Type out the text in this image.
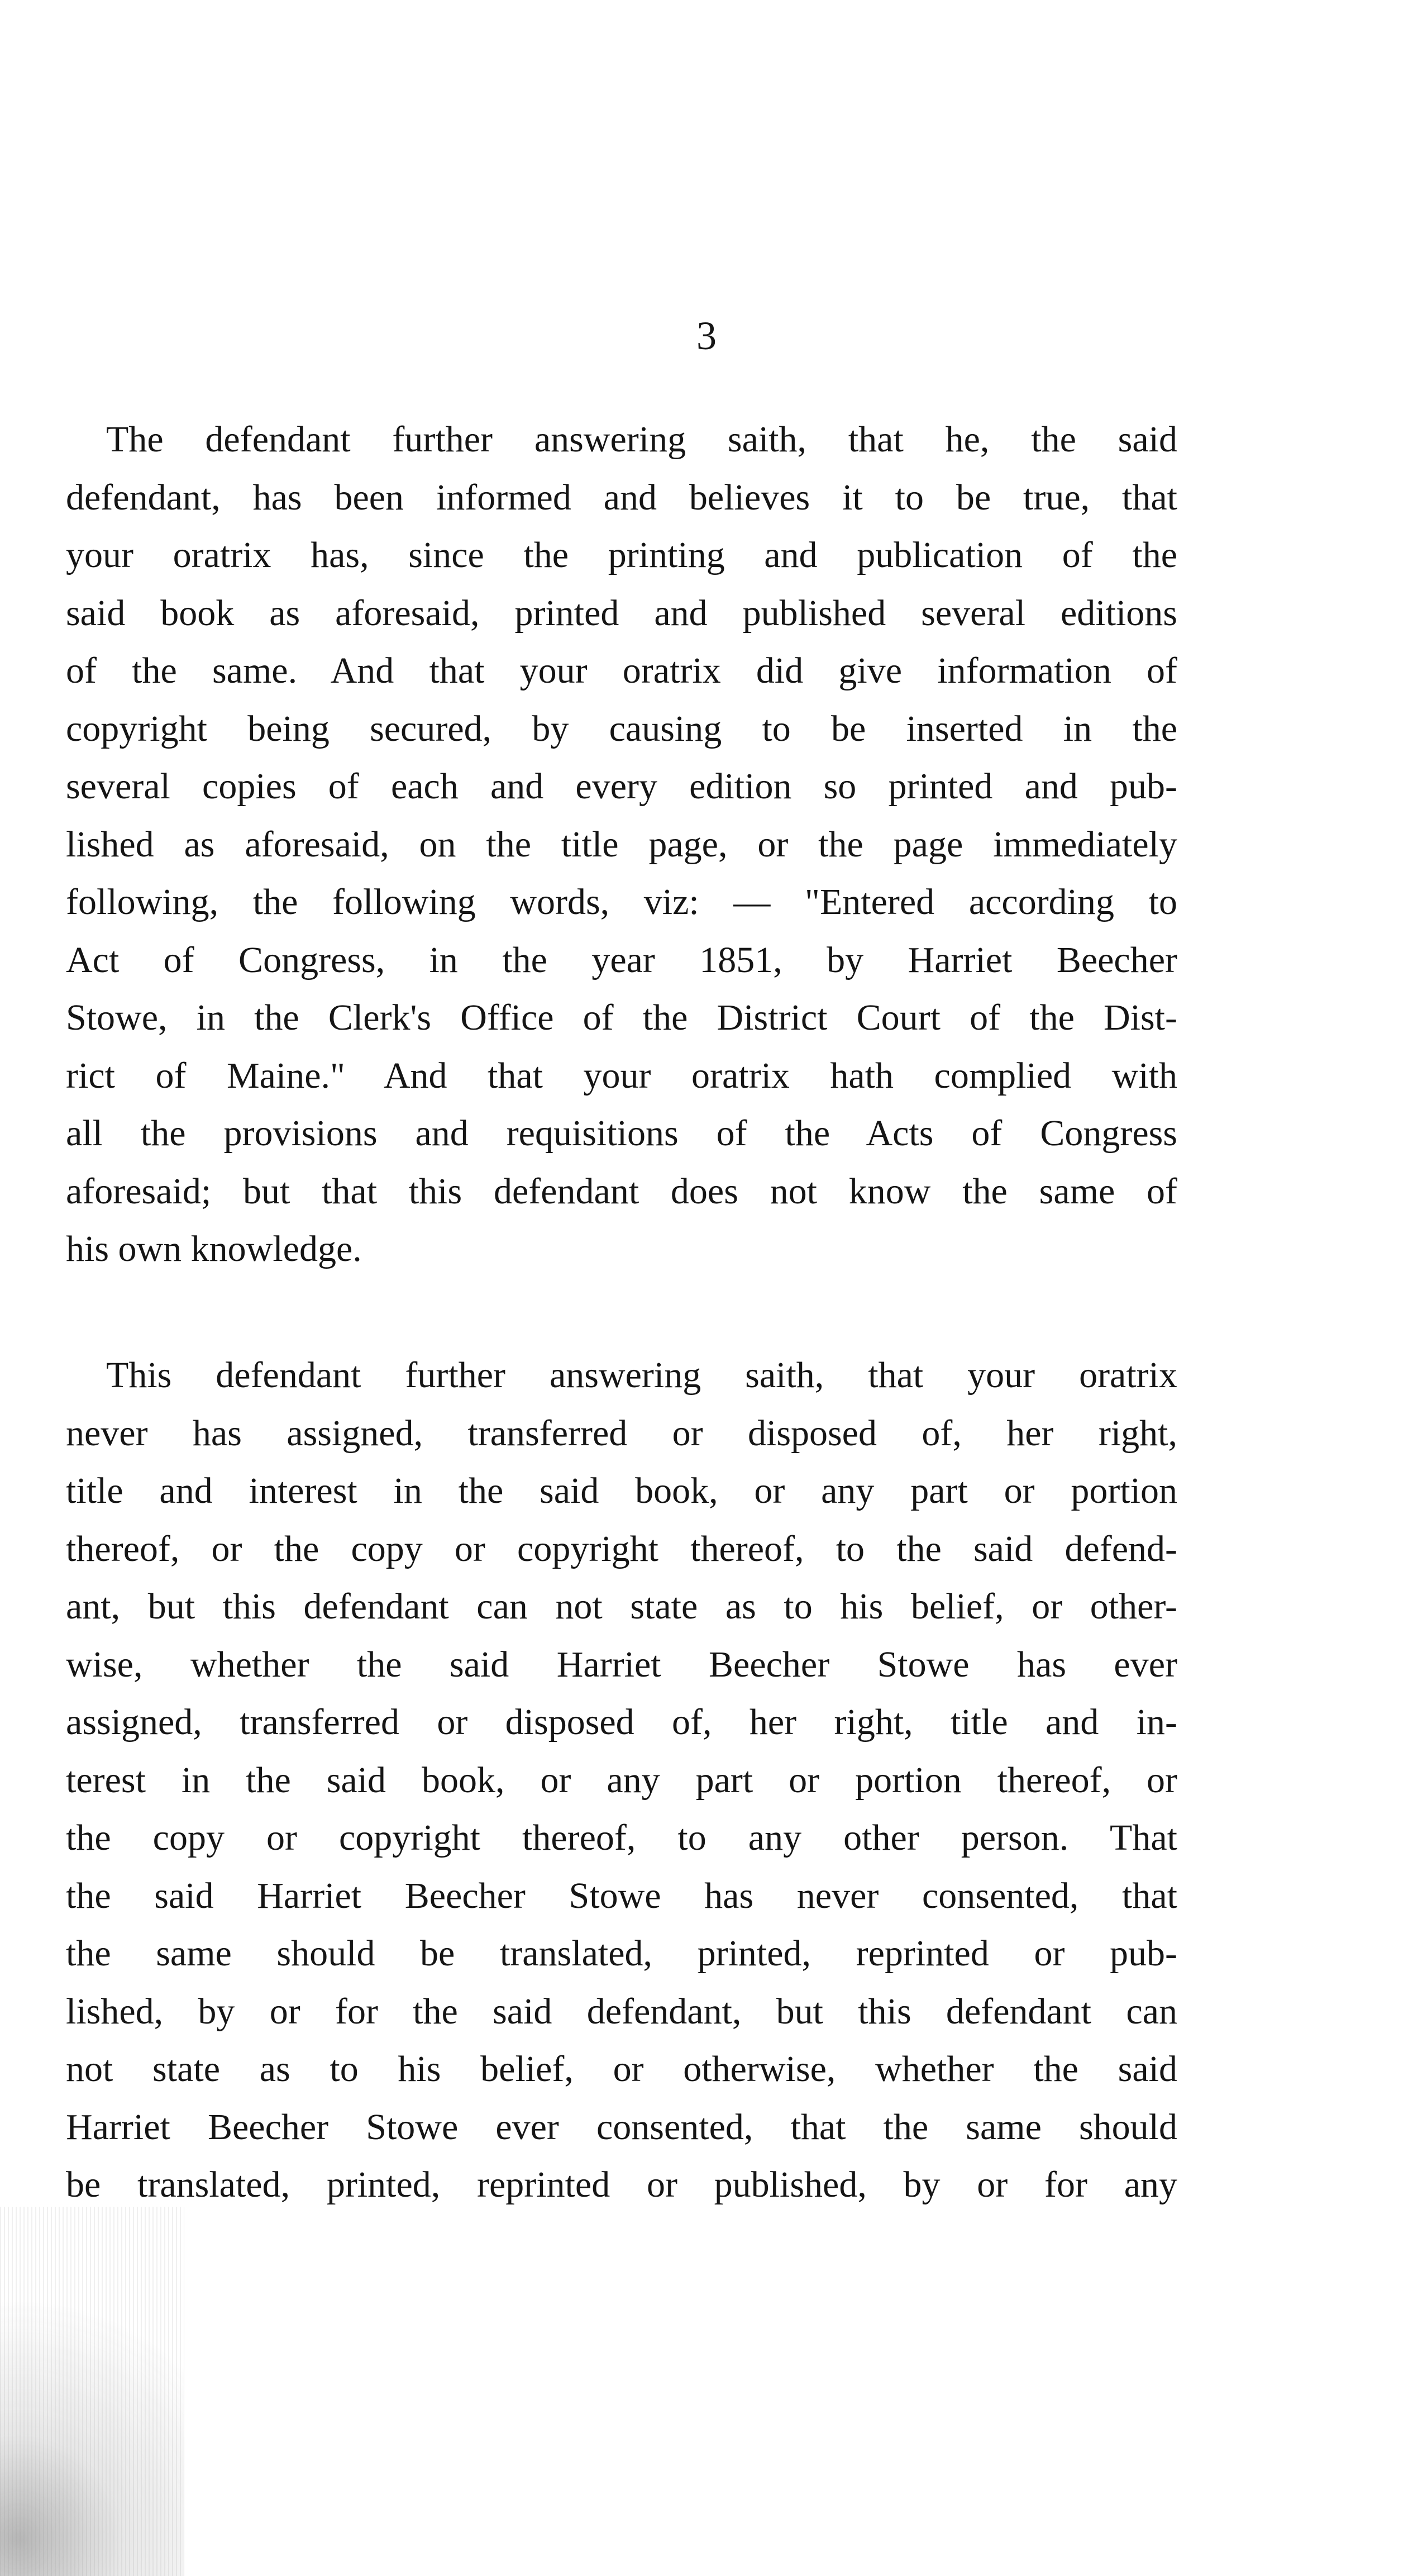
3
The defendant further answering saith, that he, the said
defendant, has been informed and believes it to be true, that
your oratrix has, since the printing and publication of the
said book as aforesaid, printed and published several editions
of the same. And that your oratrix did give information of
copyright being secured, by causing to be inserted in the
several copies of each and every edition so printed and pub-
lished as aforesaid, on the title page, or the page immediately
following, the following words, viz: — "Entered according to
Act of Congress, in the year 1851, by Harriet Beecher
Stowe, in the Clerk's Office of the District Court of the Dist-
rict of Maine." And that your oratrix hath complied with
all the provisions and requisitions of the Acts of Congress
aforesaid; but that this defendant does not know the same of
his own knowledge.
This defendant further answering saith, that your oratrix
never has assigned, transferred or disposed of, her right,
title and interest in the said book, or any part or portion
thereof, or the copy or copyright thereof, to the said defend-
ant, but this defendant can not state as to his belief, or other-
wise, whether the said Harriet Beecher Stowe has ever
assigned, transferred or disposed of, her right, title and in-
terest in the said book, or any part or portion thereof, or
the copy or copyright thereof, to any other person. That
the said Harriet Beecher Stowe has never consented, that
the same should be translated, printed, reprinted or pub-
lished, by or for the said defendant, but this defendant can
not state as to his belief, or otherwise, whether the said
Harriet Beecher Stowe ever consented, that the same should
be translated, printed, reprinted or published, by or for any
